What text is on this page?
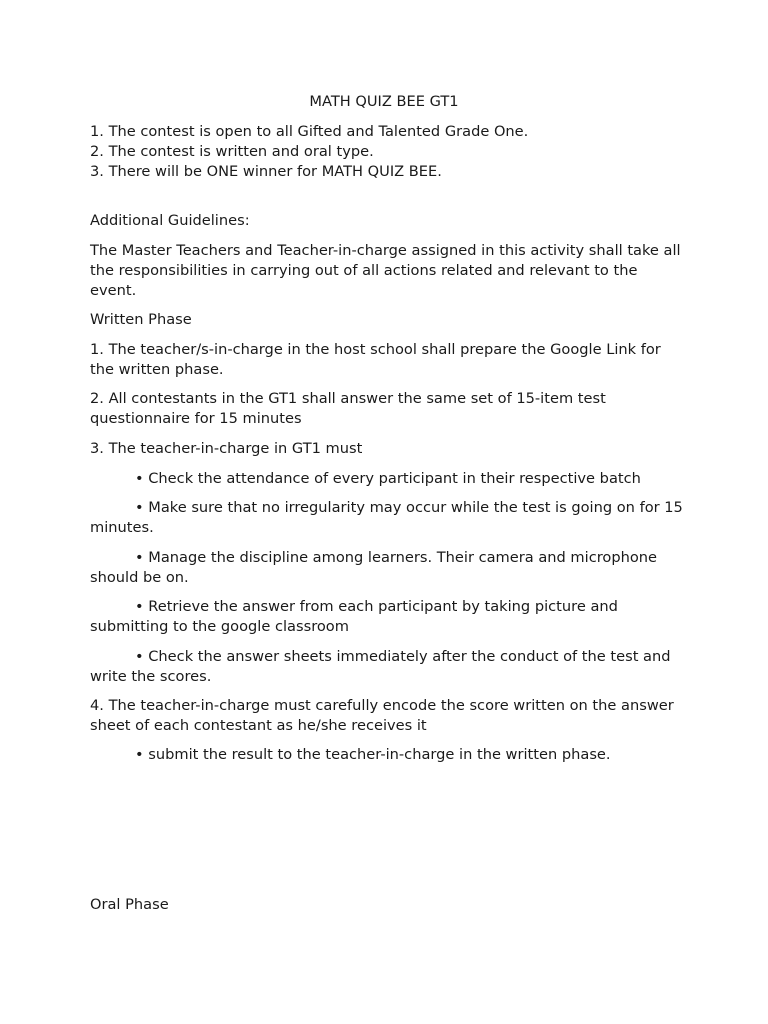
MATH QUIZ BEE GT1
1. The contest is open to all Gifted and Talented Grade One.
2. The contest is written and oral type.
3. There will be ONE winner for MATH QUIZ BEE.
Additional Guidelines:
The Master Teachers and Teacher-in-charge assigned in this activity shall take all the responsibilities in carrying out of all actions related and relevant to the event.
Written Phase
1. The teacher/s-in-charge in the host school shall prepare the Google Link for the written phase.
2. All contestants in the GT1 shall answer the same set of 15-item test questionnaire for 15 minutes
3. The teacher-in-charge in GT1 must
• Check the attendance of every participant in their respective batch
• Make sure that no irregularity may occur while the test is going on for 15 minutes.
• Manage the discipline among learners. Their camera and microphone should be on.
• Retrieve the answer from each participant by taking picture and submitting to the google classroom
• Check the answer sheets immediately after the conduct of the test and write the scores.
4. The teacher-in-charge must carefully encode the score written on the answer sheet of each contestant as he/she receives it
• submit the result to the teacher-in-charge in the written phase.
Oral Phase
